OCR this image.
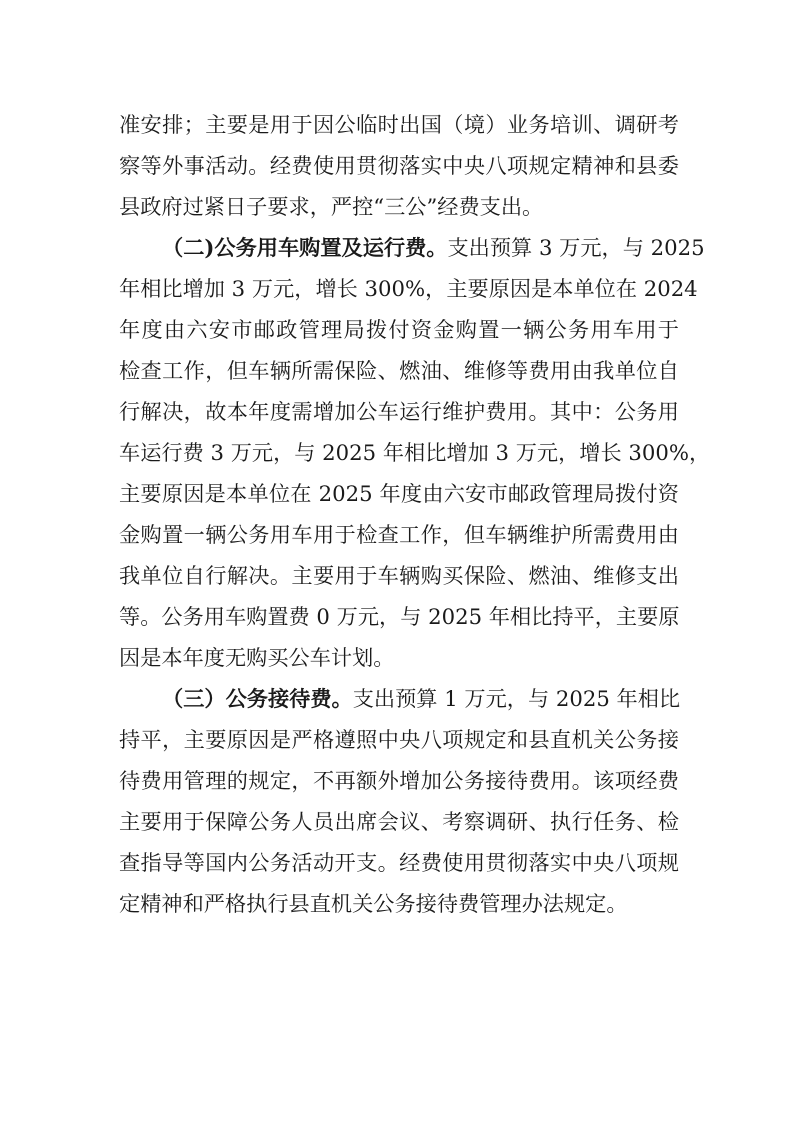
准安排；主要是用于因公临时出国（境）业务培训、调研考
察等外事活动。经费使用贯彻落实中央八项规定精神和县委
县政府过紧日子要求，严控“三公”经费支出。
（二)公务用车购置及运行费。支出预算 3 万元，与 2025
年相比增加 3 万元，增长 300%，主要原因是本单位在 2024
年度由六安市邮政管理局拨付资金购置一辆公务用车用于
检查工作，但车辆所需保险、燃油、维修等费用由我单位自
行解决，故本年度需增加公车运行维护费用。其中：公务用
车运行费 3 万元，与 2025 年相比增加 3 万元，增长 300%，
主要原因是本单位在 2025 年度由六安市邮政管理局拨付资
金购置一辆公务用车用于检查工作，但车辆维护所需费用由
我单位自行解决。主要用于车辆购买保险、燃油、维修支出
等。公务用车购置费 0 万元，与 2025 年相比持平，主要原
因是本年度无购买公车计划。
（三）公务接待费。支出预算 1 万元，与 2025 年相比
持平，主要原因是严格遵照中央八项规定和县直机关公务接
待费用管理的规定，不再额外增加公务接待费用。该项经费
主要用于保障公务人员出席会议、考察调研、执行任务、检
查指导等国内公务活动开支。经费使用贯彻落实中央八项规
定精神和严格执行县直机关公务接待费管理办法规定。
